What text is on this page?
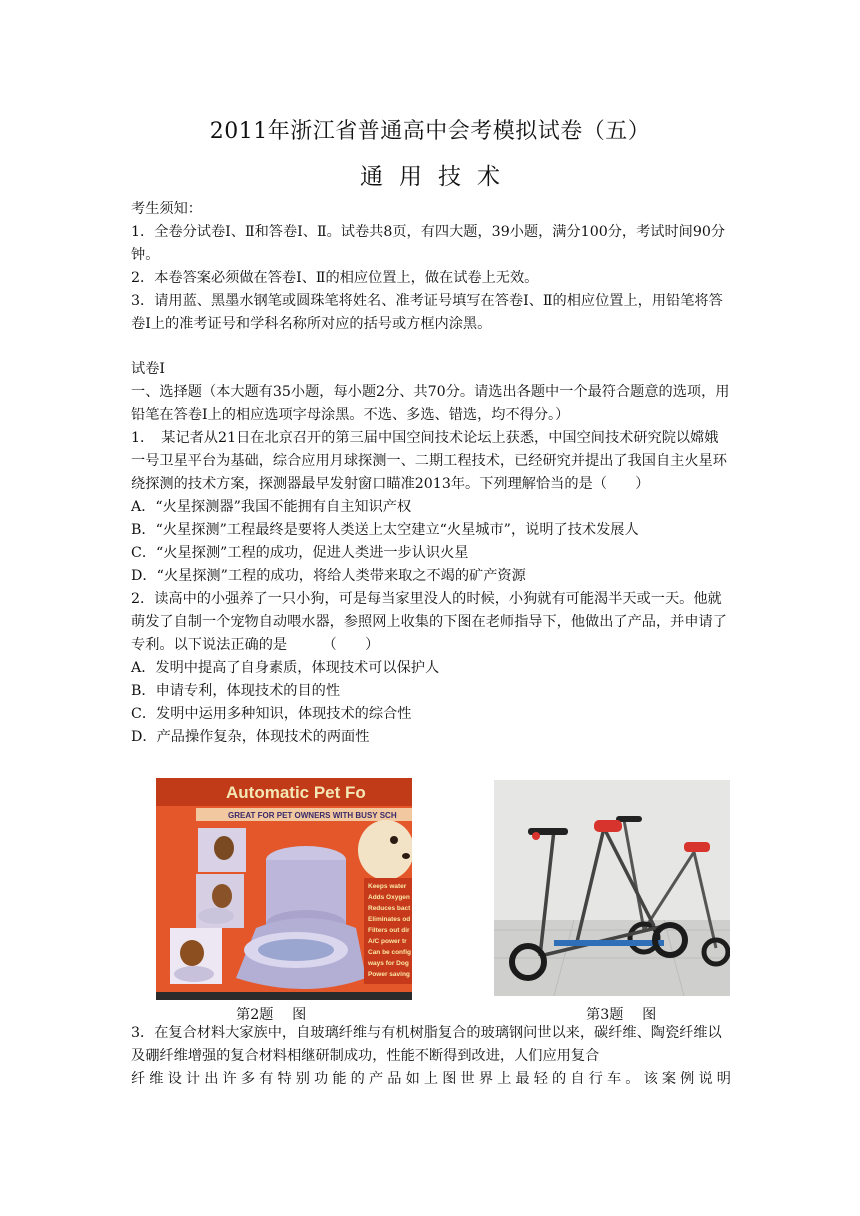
2011年浙江省普通高中会考模拟试卷（五）
通用技术

考生须知：

1．全卷分试卷Ⅰ、Ⅱ和答卷Ⅰ、Ⅱ。试卷共8页，有四大题，39小题，满分100分，考试时间90分钟。

2．本卷答案必须做在答卷Ⅰ、Ⅱ的相应位置上，做在试卷上无效。

3．请用蓝、黑墨水钢笔或圆珠笔将姓名、准考证号填写在答卷Ⅰ、Ⅱ的相应位置上，用铅笔将答卷Ⅰ上的准考证号和学科名称所对应的括号或方框内涂黑。

试卷Ⅰ

一、选择题（本大题有35小题，每小题2分、共70分。请选出各题中一个最符合题意的选项，用铅笔在答卷Ⅰ上的相应选项字母涂黑。不选、多选、错选，均不得分。）

1．　某记者从21日在北京召开的第三届中国空间技术论坛上获悉，中国空间技术研究院以嫦娥一号卫星平台为基础，综合应用月球探测一、二期工程技术，已经研究并提出了我国自主火星环绕探测的技术方案，探测器最早发射窗口瞄准2013年。下列理解恰当的是（　　）

A．“火星探测器”我国不能拥有自主知识产权

B．“火星探测”工程最终是要将人类送上太空建立“火星城市”，说明了技术发展人

C．“火星探测”工程的成功，促进人类进一步认识火星

D．“火星探测”工程的成功，将给人类带来取之不竭的矿产资源

2．读高中的小强养了一只小狗，可是每当家里没人的时候，小狗就有可能渴半天或一天。他就萌发了自制一个宠物自动喂水器，参照网上收集的下图在老师指导下，他做出了产品，并申请了专利。以下说法正确的是　　　（　　）

A．发明中提高了自身素质，体现技术可以保护人

B．申请专利，体现技术的目的性

C．发明中运用多种知识，体现技术的综合性

D．产品操作复杂，体现技术的两面性

Automatic Pet Fo
GREAT FOR PET OWNERS WITH BUSY SCH
Keeps water Adds Oxygen Reduces bact Eliminates od Filters out dir A/C power tr Can be config ways for Dog Power saving
第2题　 图	第3题　 图

3．在复合材料大家族中，自玻璃纤维与有机树脂复合的玻璃钢问世以来，碳纤维、陶瓷纤维以及硼纤维增强的复合材料相继研制成功，性能不断得到改进，人们应用复合

纤维设计出许多有特别功能的产品如上图世界上最轻的自行车。该案例说明
